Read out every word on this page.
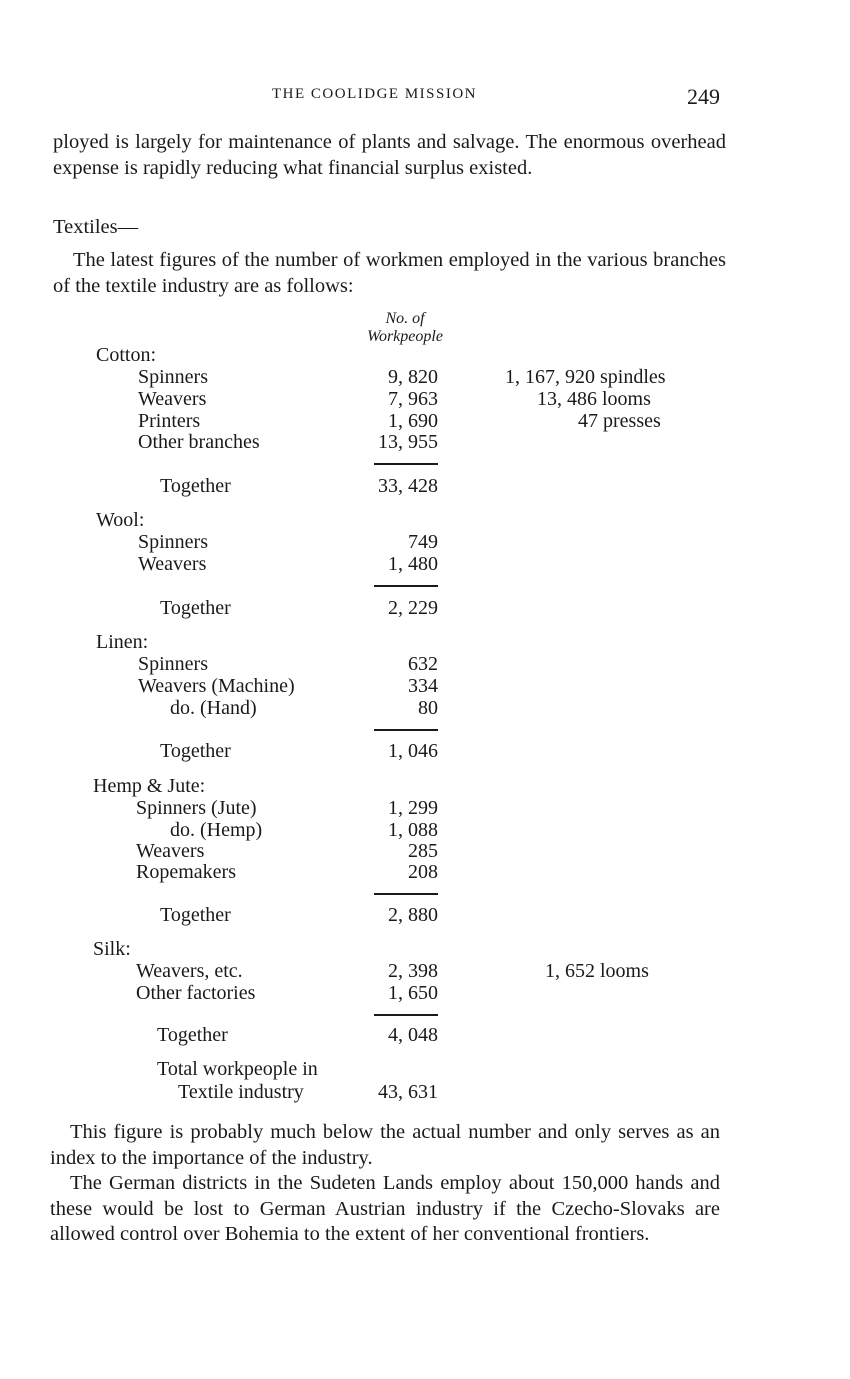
THE COOLIDGE MISSION	249

ployed is largely for maintenance of plants and salvage. The enormous overhead expense is rapidly reducing what financial surplus existed.

Textiles—

The latest figures of the number of workmen employed in the various branches of the textile industry are as follows:

No. of
Workpeople
Cotton:
Spinners	9, 820	1, 167, 920 spindles
Weavers	7, 963	13, 486 looms
Printers	1, 690	47 presses
Other branches	13, 955
Together	33, 428
Wool:
Spinners	749
Weavers	1, 480
Together	2, 229
Linen:
Spinners	632
Weavers (Machine)	334
do. (Hand)	80
Together	1, 046
Hemp & Jute:
Spinners (Jute)	1, 299
do. (Hemp)	1, 088
Weavers	285
Ropemakers	208
Together	2, 880
Silk:
Weavers, etc.	2, 398	1, 652 looms
Other factories	1, 650
Together	4, 048
Total workpeople in
Textile industry	43, 631

This figure is probably much below the actual number and only serves as an index to the importance of the industry.

The German districts in the Sudeten Lands employ about 150,000 hands and these would be lost to German Austrian industry if the Czecho-Slovaks are allowed control over Bohemia to the extent of her conventional frontiers.
